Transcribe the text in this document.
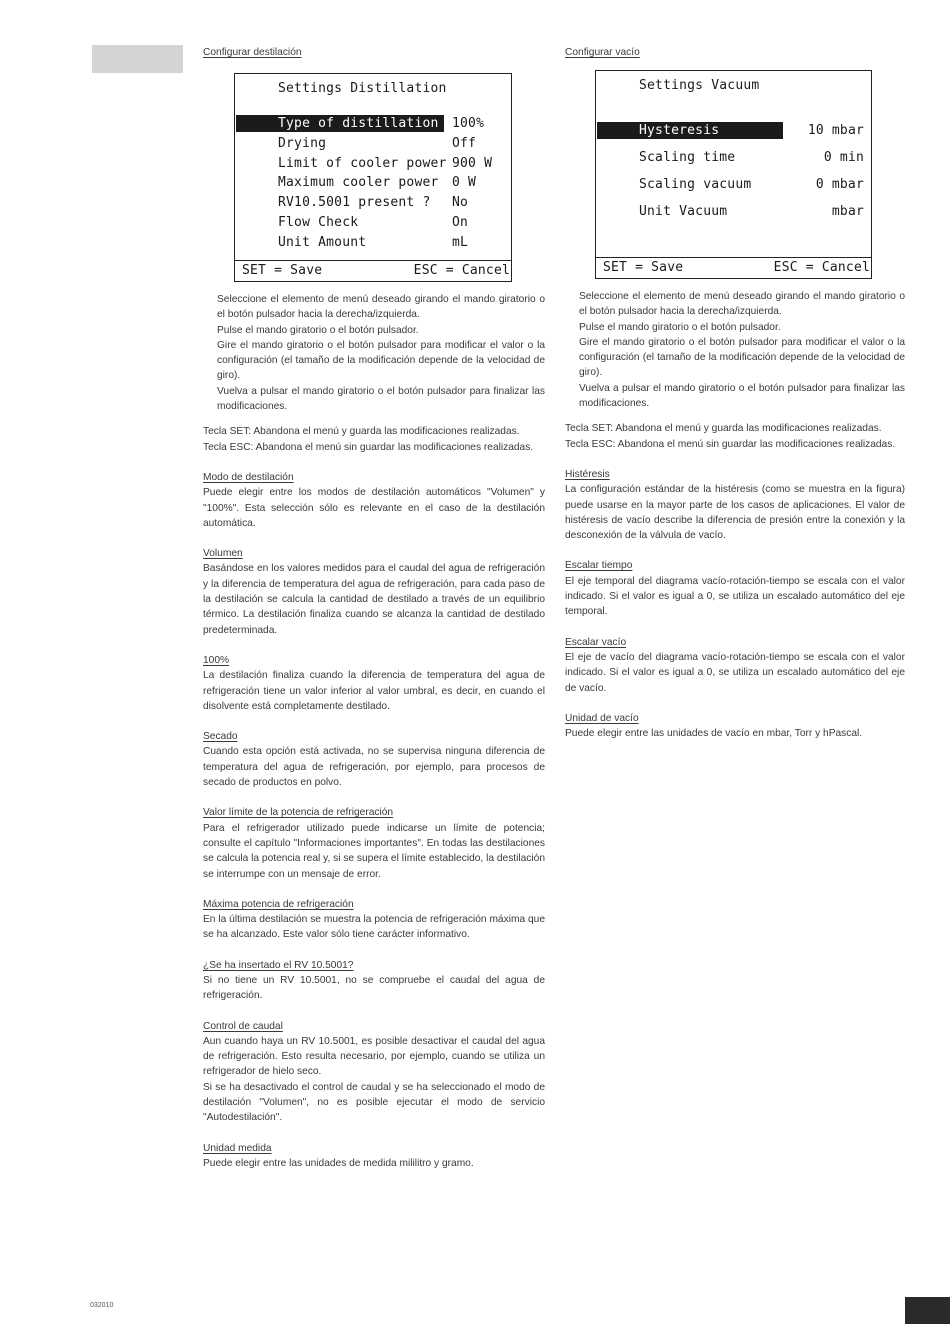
032010
Configurar destilación
Settings Distillation
Type of distillation 100%
Drying	Off
Limit of cooler power 900 W
Maximum cooler power 0 W
RV10.5001 present ? No
Flow Check	On
Unit Amount	mL
SET = Save	ESC = Cancel
Seleccione el elemento de menú deseado girando el mando giratorio o el botón pulsador hacia la derecha/izquierda.
Pulse el mando giratorio o el botón pulsador.
Gire el mando giratorio o el botón pulsador para modificar el valor o la configuración (el tamaño de la modificación depende de la velocidad de giro).
Vuelva a pulsar el mando giratorio o el botón pulsador para finalizar las modificaciones.
Tecla SET: Abandona el menú y guarda las modificaciones realizadas.
Tecla ESC: Abandona el menú sin guardar las modificaciones realizadas.
Modo de destilación

Puede elegir entre los modos de destilación automáticos "Volumen" y "100%". Esta selección sólo es relevante en el caso de la destilación automática.

Volumen

Basándose en los valores medidos para el caudal del agua de refrigeración y la diferencia de temperatura del agua de refrigeración, para cada paso de la destilación se calcula la cantidad de destilado a través de un equilibrio térmico. La destilación finaliza cuando se alcanza la cantidad de destilado predeterminada.

100%

La destilación finaliza cuando la diferencia de temperatura del agua de refrigeración tiene un valor inferior al valor umbral, es decir, en cuando el disolvente está completamente destilado.

Secado

Cuando esta opción está activada, no se supervisa ninguna diferencia de temperatura del agua de refrigeración, por ejemplo, para procesos de secado de productos en polvo.

Valor límite de la potencia de refrigeración

Para el refrigerador utilizado puede indicarse un límite de potencia; consulte el capítulo "Informaciones importantes". En todas las destilaciones se calcula la potencia real y, si se supera el límite establecido, la destilación se interrumpe con un mensaje de error.

Máxima potencia de refrigeración

En la última destilación se muestra la potencia de refrigeración máxima que se ha alcanzado. Este valor sólo tiene carácter informativo.

¿Se ha insertado el RV 10.5001?

Si no tiene un RV 10.5001, no se compruebe el caudal del agua de refrigeración.

Control de caudal

Aun cuando haya un RV 10.5001, es posible desactivar el caudal del agua de refrigeración. Esto resulta necesario, por ejemplo, cuando se utiliza un refrigerador de hielo seco.

Si se ha desactivado el control de caudal y se ha seleccionado el modo de destilación "Volumen", no es posible ejecutar el modo de servicio "Autodestilación".

Unidad medida

Puede elegir entre las unidades de medida mililitro y gramo.

Configurar vacío
Settings Vacuum
Hysteresis	10 mbar
Scaling time	0 min
Scaling vacuum	0 mbar
Unit Vacuum	mbar
SET = Save	ESC = Cancel
Seleccione el elemento de menú deseado girando el mando giratorio o el botón pulsador hacia la derecha/izquierda.
Pulse el mando giratorio o el botón pulsador.
Gire el mando giratorio o el botón pulsador para modificar el valor o la configuración (el tamaño de la modificación depende de la velocidad de giro).
Vuelva a pulsar el mando giratorio o el botón pulsador para finalizar las modificaciones.
Tecla SET: Abandona el menú y guarda las modificaciones realizadas.
Tecla ESC: Abandona el menú sin guardar las modificaciones realizadas.
Histéresis

La configuración estándar de la histéresis (como se muestra en la figura) puede usarse en la mayor parte de los casos de aplicaciones. El valor de histéresis de vacío describe la diferencia de presión entre la conexión y la desconexión de la válvula de vacío.

Escalar tiempo

El eje temporal del diagrama vacío-rotación-tiempo se escala con el valor indicado. Si el valor es igual a 0, se utiliza un escalado automático del eje temporal.

Escalar vacío

El eje de vacío del diagrama vacío-rotación-tiempo se escala con el valor indicado. Si el valor es igual a 0, se utiliza un escalado automático del eje de vacío.

Unidad de vacío

Puede elegir entre las unidades de vacío en mbar, Torr y hPascal.
